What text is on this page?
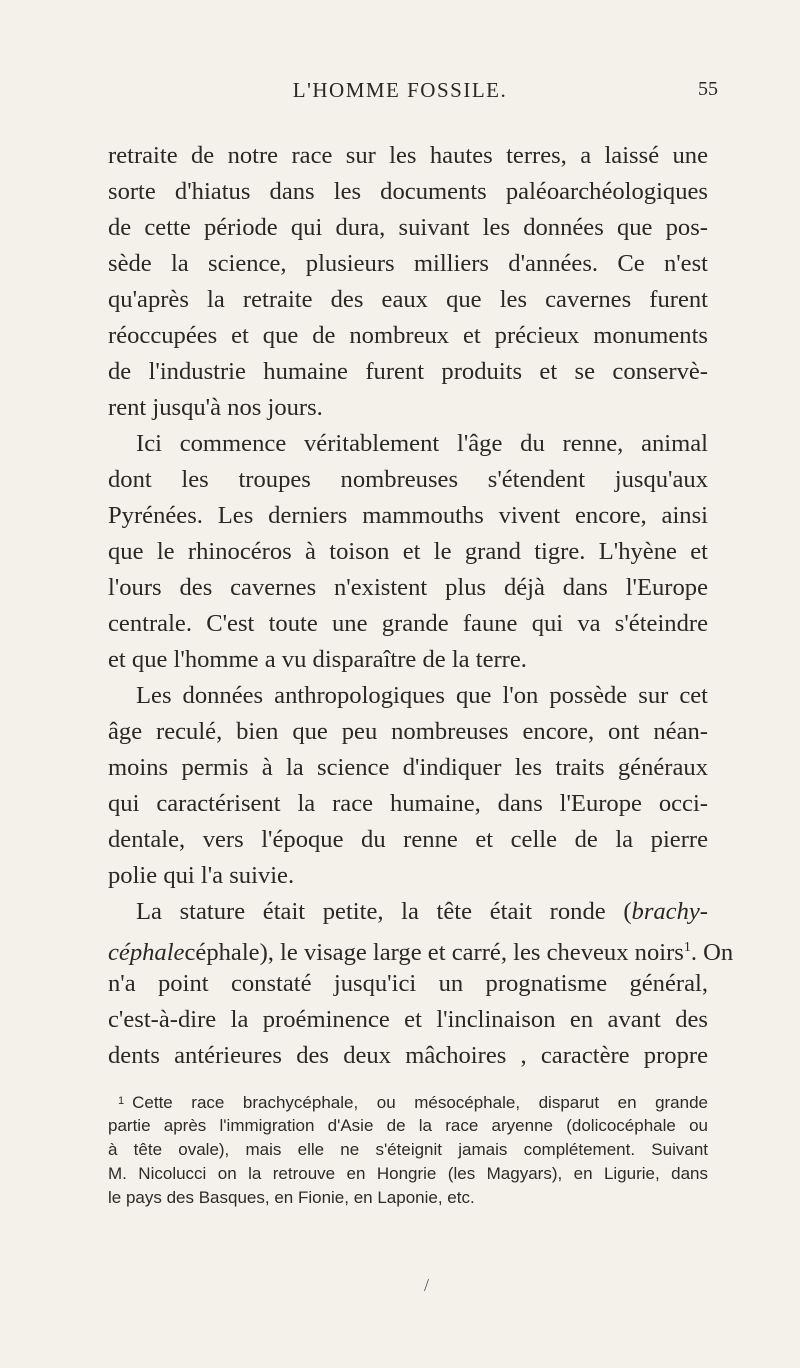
L'HOMME FOSSILE.	55
retraite de notre race sur les hautes terres, a laissé une
sorte d'hiatus dans les documents paléoarchéologiques
de cette période qui dura, suivant les données que pos-
sède la science, plusieurs milliers d'années. Ce n'est
qu'après la retraite des eaux que les cavernes furent
réoccupées et que de nombreux et précieux monuments
de l'industrie humaine furent produits et se conservè-
rent jusqu'à nos jours.
Ici commence véritablement l'âge du renne, animal
dont les troupes nombreuses s'étendent jusqu'aux
Pyrénées. Les derniers mammouths vivent encore, ainsi
que le rhinocéros à toison et le grand tigre. L'hyène et
l'ours des cavernes n'existent plus déjà dans l'Europe
centrale. C'est toute une grande faune qui va s'éteindre
et que l'homme a vu disparaître de la terre.
Les données anthropologiques que l'on possède sur cet
âge reculé, bien que peu nombreuses encore, ont néan-
moins permis à la science d'indiquer les traits généraux
qui caractérisent la race humaine, dans l'Europe occi-
dentale, vers l'époque du renne et celle de la pierre
polie qui l'a suivie.
La stature était petite, la tête était ronde (brachy-
céphalecéphale), le visage large et carré, les cheveux noirs$^1$. On
n'a point constaté jusqu'ici un prognatisme général,
c'est-à-dire la proéminence et l'inclinaison en avant des
dents antérieures des deux mâchoires , caractère propre
$^1$ Cette race brachycéphale, ou mésocéphale, disparut en grande
partie après l'immigration d'Asie de la race aryenne (dolicocéphale ou
à tête ovale), mais elle ne s'éteignit jamais complétement. Suivant
M. Nicolucci on la retrouve en Hongrie (les Magyars), en Ligurie, dans
le pays des Basques, en Fionie, en Laponie, etc.
/
